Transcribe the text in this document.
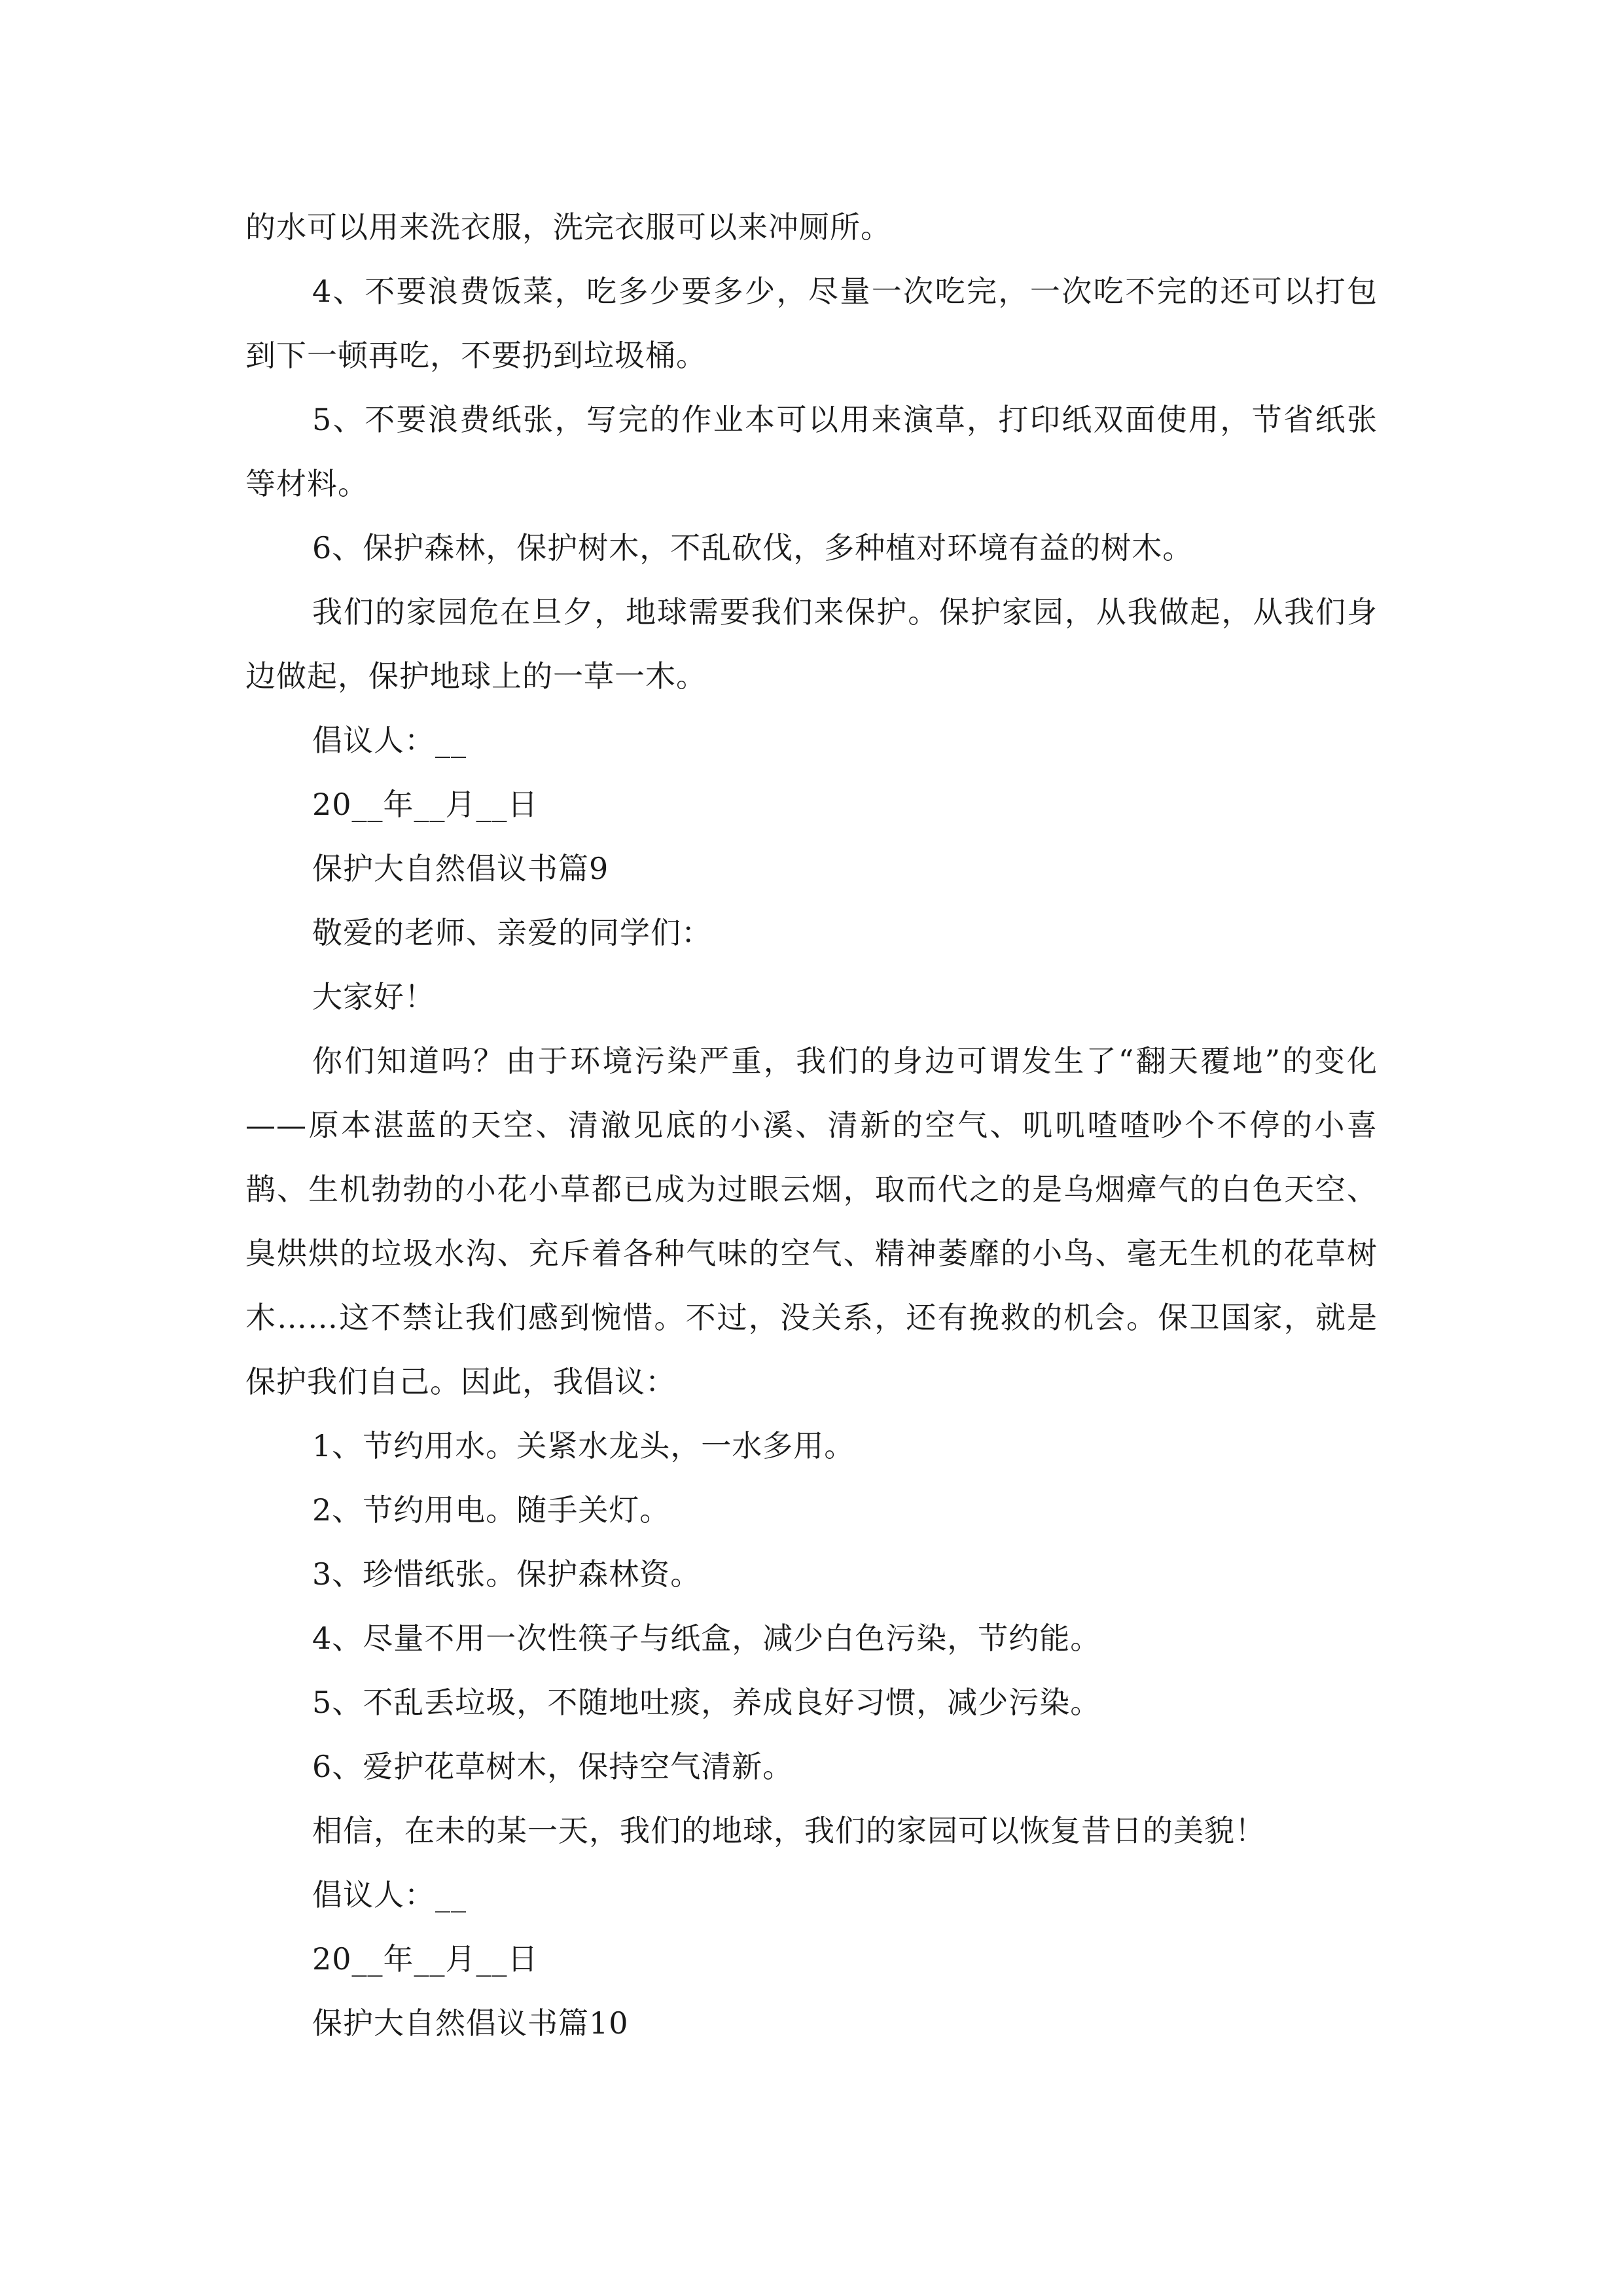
的水可以用来洗衣服，洗完衣服可以来冲厕所。

4、不要浪费饭菜，吃多少要多少，尽量一次吃完，一次吃不完的还可以打包到下一顿再吃，不要扔到垃圾桶。

5、不要浪费纸张，写完的作业本可以用来演草，打印纸双面使用，节省纸张等材料。

6、保护森林，保护树木，不乱砍伐，多种植对环境有益的树木。

我们的家园危在旦夕，地球需要我们来保护。保护家园，从我做起，从我们身边做起，保护地球上的一草一木。

倡议人：__

20__年__月__日

保护大自然倡议书篇9

敬爱的老师、亲爱的同学们：

大家好！

你们知道吗？由于环境污染严重，我们的身边可谓发生了“翻天覆地”的变化——原本湛蓝的天空、清澈见底的小溪、清新的空气、叽叽喳喳吵个不停的小喜鹊、生机勃勃的小花小草都已成为过眼云烟，取而代之的是乌烟瘴气的白色天空、臭烘烘的垃圾水沟、充斥着各种气味的空气、精神萎靡的小鸟、毫无生机的花草树木……这不禁让我们感到惋惜。不过，没关系，还有挽救的机会。保卫国家，就是保护我们自己。因此，我倡议：

1、节约用水。关紧水龙头，一水多用。

2、节约用电。随手关灯。

3、珍惜纸张。保护森林资。

4、尽量不用一次性筷子与纸盒，减少白色污染，节约能。

5、不乱丢垃圾，不随地吐痰，养成良好习惯，减少污染。

6、爱护花草树木，保持空气清新。

相信，在未的某一天，我们的地球，我们的家园可以恢复昔日的美貌！

倡议人：__

20__年__月__日

保护大自然倡议书篇10
